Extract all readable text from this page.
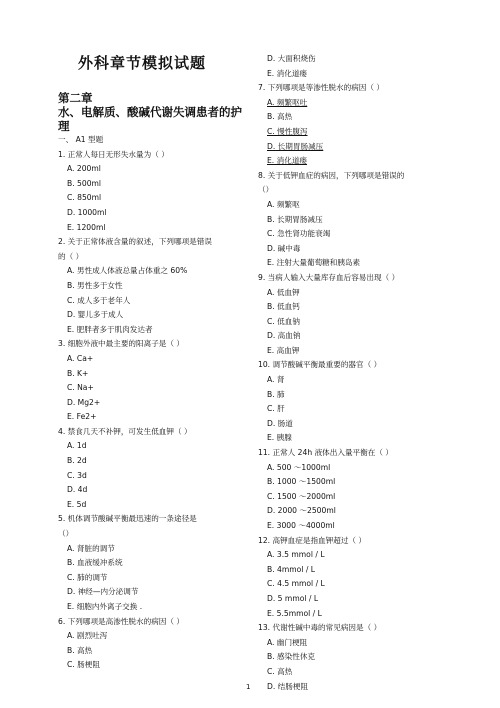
外科章节模拟试题
第二章
水、电解质、酸碱代谢失调患者的护
理
一、 A1 型题
1. 正常人每日无形失水量为（ ）
A. 200ml
B. 500ml
C. 850ml
D. 1000ml
E. 1200ml
2. 关于正常体液含量的叙述，下列哪项是错误
的（ ）
A. 男性成人体液总量占体重之 60%
B. 男性多于女性
C. 成人多于老年人
D. 婴儿多于成人
E. 肥胖者多于肌肉发达者
3. 细胞外液中最主要的阳离子是（ ）
A. Ca+
B. K+
C. Na+
D. Mg2+
E. Fe2+
4. 禁食几天不补钾，可发生低血钾（ ）
A. 1d
B. 2d
C. 3d
D. 4d
E. 5d
5. 机体调节酸碱平衡最迅速的一条途径是
（）
A. 肾脏的调节
B. 血液缓冲系统
C. 肺的调节
D. 神经—内分泌调节
E. 细胞内外离子交换 .
6. 下列哪项是高渗性脱水的病因（ ）
A. 剧烈吐泻
B. 高热
C. 肠梗阻
D. 大面积烧伤
E. 消化道瘘
7. 下列哪项是等渗性脱水的病因（ ）
A. 频繁呕吐
B. 高热
C. 慢性腹泻
D. 长期胃肠减压
E. 消化道瘘
8. 关于低钾血症的病因，下列哪项是错误的
（）
A. 频繁呕
B. 长期胃肠减压
C. 急性肾功能衰竭
D. 碱中毒
E. 注射大量葡萄糖和胰岛素
9. 当病人输入大量库存血后容易出现（ ）
A. 低血钾
B. 低血钙
C. 低血钠
D. 高血钠
E. 高血钾
10. 调节酸碱平衡最重要的器官（ ）
A. 肾
B. 肺
C. 肝
D. 肠道
E. 胰腺
11. 正常人 24h 液体出入量平衡在（ ）
A. 500 ～1000ml
B. 1000 ～1500ml
C. 1500 ～2000ml
D. 2000 ～2500ml
E. 3000 ～4000ml
12. 高钾血症是指血钾超过（ ）
A. 3.5 mmol / L
B. 4mmol / L
C. 4.5 mmol / L
D. 5 mmol / L
E. 5.5mmol / L
13. 代谢性碱中毒的常见病因是（ ）
A. 幽门梗阻
B. 感染性休克
C. 高热
D. 结肠梗阻
1
